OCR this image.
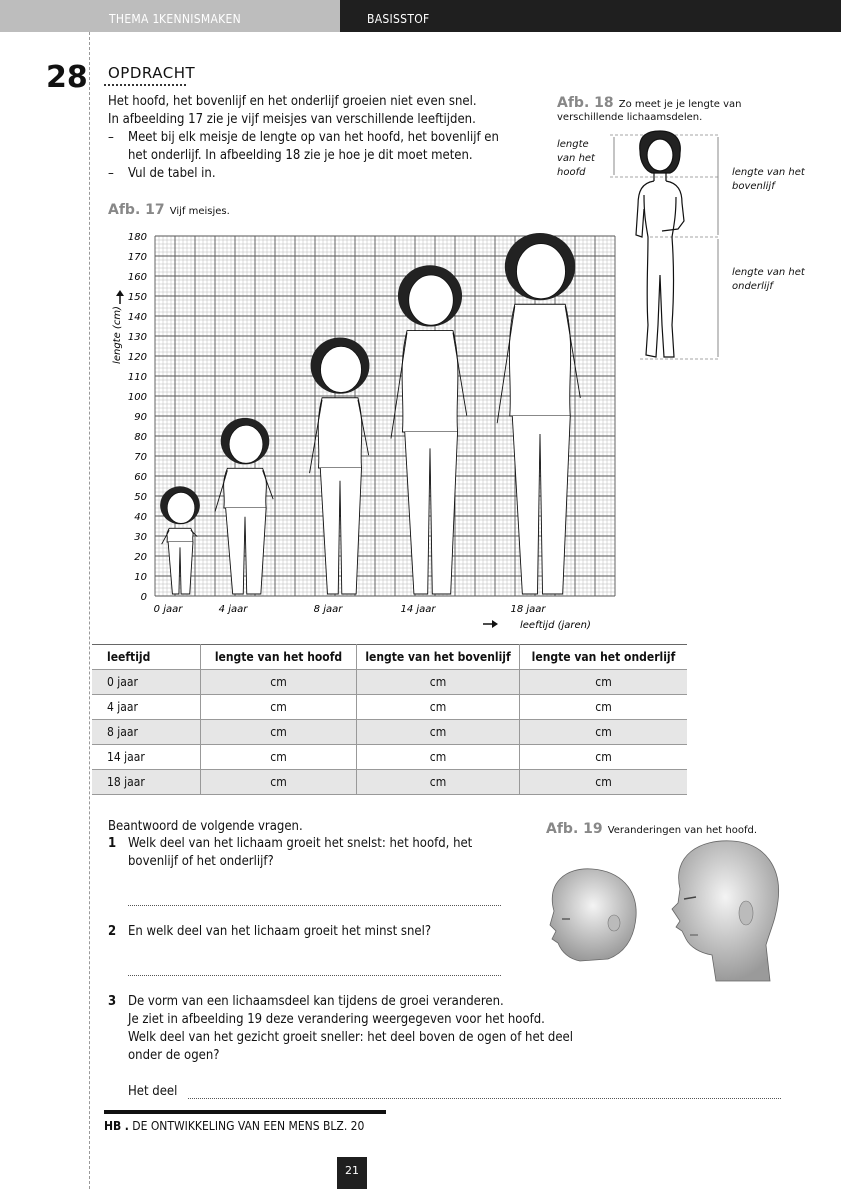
THEMA 1 KENNISMAKEN	BASISSTOF
28 OPDRACHT
Het hoofd, het bovenlijf en het onderlijf groeien niet even snel.
In afbeelding 17 zie je vijf meisjes van verschillende leeftijden.
– Meet bij elk meisje de lengte op van het hoofd, het bovenlijf en
het onderlijf. In afbeelding 18 zie je hoe je dit moet meten.
– Vul de tabel in.
Afb. 17 Vijf meisjes.
0
10
20
30
40
50
60
70
80
90
100
110
120
130
140
150
160
170
180
0 jaar	4 jaar	8 jaar	14 jaar	18 jaar
lengte (cm)
leeftijd (jaren)
Afb. 18 Zo meet je je lengte van
verschillende lichaamsdelen.
lengte
van het
hoofd	lengte van het
bovenlijf
lengte van het
onderlijf
leeftijd	lengte van het hoofd	lengte van het bovenlijf	lengte van het onderlijf
0 jaar	cm	cm	cm
4 jaar	cm	cm	cm
8 jaar	cm	cm	cm
14 jaar	cm	cm	cm
18 jaar	cm	cm	cm
Beantwoord de volgende vragen.
1 Welk deel van het lichaam groeit het snelst: het hoofd, het
bovenlijf of het onderlijf?
2 En welk deel van het lichaam groeit het minst snel?
3 De vorm van een lichaamsdeel kan tijdens de groei veranderen.
Je ziet in afbeelding 19 deze verandering weergegeven voor het hoofd.
Welk deel van het gezicht groeit sneller: het deel boven de ogen of het deel
onder de ogen?
Het deel
Afb. 19 Veranderingen van het hoofd.
HB . DE ONTWIKKELING VAN EEN MENS BLZ. 20
21
